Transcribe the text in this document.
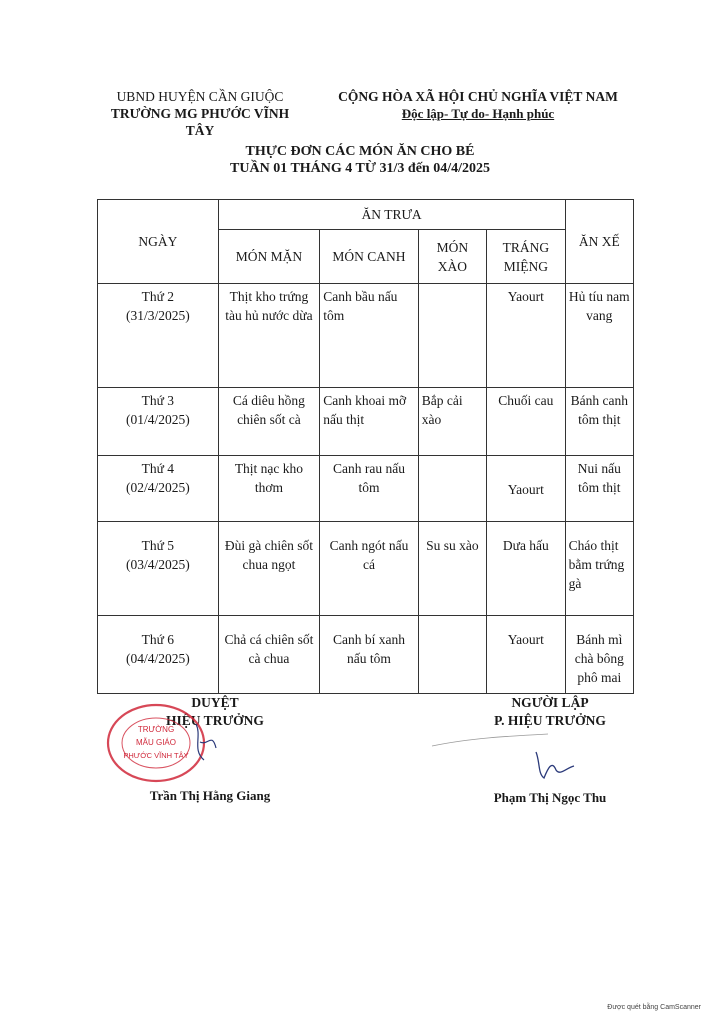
UBND HUYỆN CẦN GIUỘC
TRƯỜNG MG PHƯỚC VĨNH TÂY
CỘNG HÒA XÃ HỘI CHỦ NGHĨA VIỆT NAM
Độc lập- Tự do- Hạnh phúc
THỰC ĐƠN CÁC MÓN ĂN CHO BÉ
TUẦN 01 THÁNG 4 TỪ 31/3 đến 04/4/2025
NGÀY	ĂN TRƯA				ĂN XẾ
	MÓN MẶN	MÓN CANH	MÓN XÀO	TRÁNG MIỆNG	

Thứ 2
(31/3/2025)	Thịt kho trứng tàu hủ nước dừa	Canh bầu nấu tôm		Yaourt	Hủ tíu nam vang

Thứ 3
(01/4/2025)	Cá diêu hồng chiên sốt cà	Canh khoai mỡ nấu thịt	Bắp cải xào	Chuối cau	Bánh canh tôm thịt

Thứ 4
(02/4/2025)	Thịt nạc kho thơm	Canh rau nấu tôm		Yaourt	Nui nấu tôm thịt

Thứ 5
(03/4/2025)	Đùi gà chiên sốt chua ngọt	Canh ngót nấu cá	Su su xào	Dưa hấu	Cháo thịt bằm trứng gà

Thứ 6
(04/4/2025)	Chả cá chiên sốt cà chua	Canh bí xanh nấu tôm		Yaourt	Bánh mì chà bông phô mai
DUYỆT
HIỆU TRƯỞNG
TRƯỜNG
MẪU GIÁO
PHƯỚC VĨNH TÂY
Trần Thị Hằng Giang
NGƯỜI LẬP
P. HIỆU TRƯỞNG
Phạm Thị Ngọc Thu
Được quét bằng CamScanner
